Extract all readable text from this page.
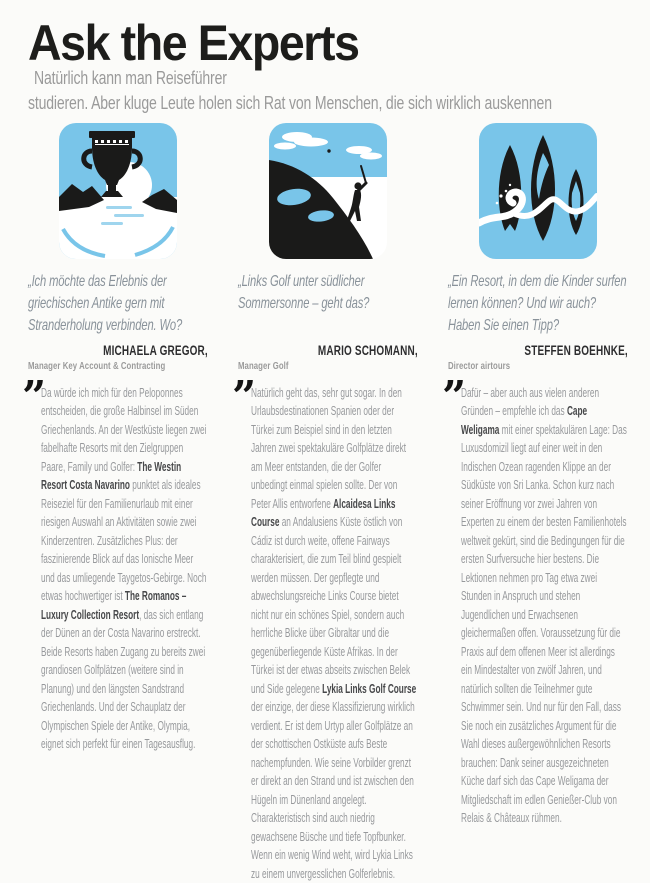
Ask the ExpertsNatürlich kann man Reiseführer
studieren. Aber kluge Leute holen sich Rat von Menschen, die sich wirklich auskennen
„Ich möchte das Erlebnis der griechischen Antike gern mit Stranderholung verbinden. Wo?
MICHAELA GREGOR,
Manager Key Account & Contracting
”
Da würde ich mich für den Peloponnes entscheiden, die große Halbinsel im Süden Griechenlands. An der Westküste liegen zwei fabelhafte Resorts mit den Zielgruppen Paare, Family und Golfer: The Westin Resort Costa Navarino punktet als ideales Reiseziel für den Familienurlaub mit einer riesigen Auswahl an Aktivitäten sowie zwei Kinderzentren. Zusätzliches Plus: der faszinierende Blick auf das Ionische Meer und das umliegende Taygetos-Gebirge. Noch etwas hochwertiger ist The Romanos – Luxury Collection Resort, das sich entlang der Dünen an der Costa Navarino erstreckt. Beide Resorts haben Zugang zu bereits zwei grandiosen Golfplätzen (weitere sind in Planung) und den längsten Sandstrand Griechenlands. Und der Schauplatz der Olympischen Spiele der Antike, Olympia, eignet sich perfekt für einen Tagesausflug.
„Links Golf unter südlicher Sommersonne – geht das?
MARIO SCHOMANN,
Manager Golf
”
Natürlich geht das, sehr gut sogar. In den Urlaubsdestinationen Spanien oder der Türkei zum Beispiel sind in den letzten Jahren zwei spektakuläre Golfplätze direkt am Meer entstanden, die der Golfer unbedingt einmal spielen sollte. Der von Peter Allis entworfene Alcaidesa Links Course an Andalusiens Küste östlich von Cádiz ist durch weite, offene Fairways charakterisiert, die zum Teil blind gespielt werden müssen. Der gepflegte und abwechslungsreiche Links Course bietet nicht nur ein schönes Spiel, sondern auch herrliche Blicke über Gibraltar und die gegenüberliegende Küste Afrikas. In der Türkei ist der etwas abseits zwischen Belek und Side gelegene Lykia Links Golf Course der einzige, der diese Klassifizierung wirklich verdient. Er ist dem Urtyp aller Golfplätze an der schottischen Ostküste aufs Beste nachempfunden. Wie seine Vorbilder grenzt er direkt an den Strand und ist zwischen den Hügeln im Dünenland angelegt. Charakteristisch sind auch niedrig gewachsene Büsche und tiefe Topfbunker. Wenn ein wenig Wind weht, wird Lykia Links zu einem unvergesslichen Golferlebnis.
„Ein Resort, in dem die Kinder surfen lernen können? Und wir auch? Haben Sie einen Tipp?
STEFFEN BOEHNKE,
Director airtours
”
Dafür – aber auch aus vielen anderen Gründen – empfehle ich das Cape Weligama mit einer spektakulären Lage: Das Luxusdomizil liegt auf einer weit in den Indischen Ozean ragenden Klippe an der Südküste von Sri Lanka. Schon kurz nach seiner Eröffnung vor zwei Jahren von Experten zu einem der besten Familienhotels weltweit gekürt, sind die Bedingungen für die ersten Surfversuche hier bestens. Die Lektionen nehmen pro Tag etwa zwei Stunden in Anspruch und stehen Jugendlichen und Erwachsenen gleichermaßen offen. Voraussetzung für die Praxis auf dem offenen Meer ist allerdings ein Mindestalter von zwölf Jahren, und natürlich sollten die Teilnehmer gute Schwimmer sein. Und nur für den Fall, dass Sie noch ein zusätzliches Argument für die Wahl dieses außergewöhnlichen Resorts brauchen: Dank seiner ausgezeichneten Küche darf sich das Cape Weligama der Mitgliedschaft im edlen Genießer-Club von Relais & Châteaux rühmen.
